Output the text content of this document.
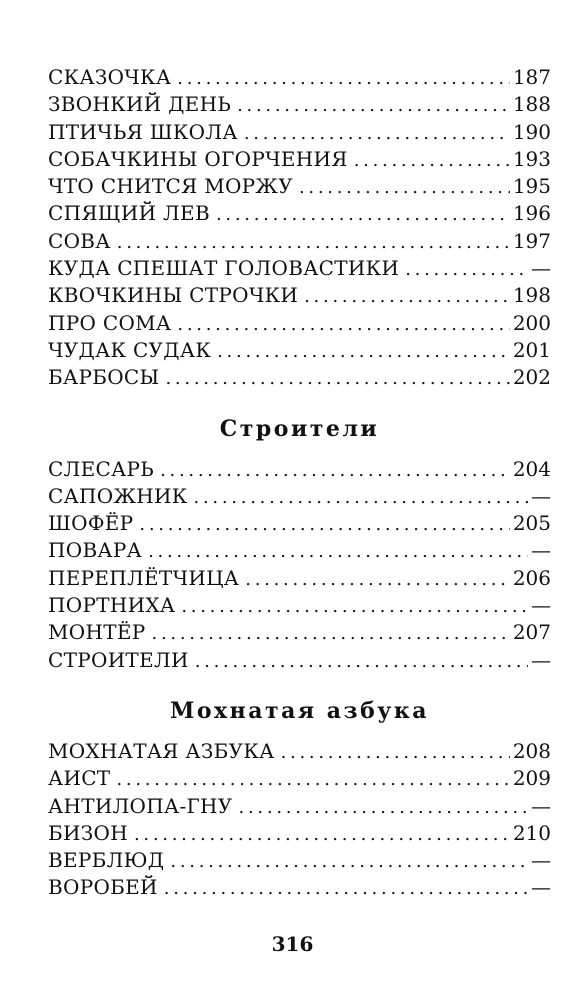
СКАЗОЧКА . . .	187
ЗВОНКИЙ ДЕНЬ . . .	188
ПТИЧЬЯ ШКОЛА . . .	190
СОБАЧКИНЫ ОГОРЧЕНИЯ . . .	193
ЧТО СНИТСЯ МОРЖУ . . .	195
СПЯЩИЙ ЛЕВ . . .	196
СОВА . . .	197
КУДА СПЕШАТ ГОЛОВАСТИКИ . . .	—
КВОЧКИНЫ СТРОЧКИ . . .	198
ПРО СОМА . . .	200
ЧУДАК СУДАК . . .	201
БАРБОСЫ . . .	202
Строители
СЛЕСАРЬ . . .	204
САПОЖНИК . . .	—
ШОФЁР . . .	205
ПОВАРА . . .	—
ПЕРЕПЛЁТЧИЦА . . .	206
ПОРТНИХА . . .	—
МОНТЁР . . .	207
СТРОИТЕЛИ . . .	—
Мохнатая азбука
МОХНАТАЯ АЗБУКА . . .	208
АИСТ . . .	209
АНТИЛОПА-ГНУ . . .	—
БИЗОН . . .	210
ВЕРБЛЮД . . .	—
ВОРОБЕЙ . . .	—
316
